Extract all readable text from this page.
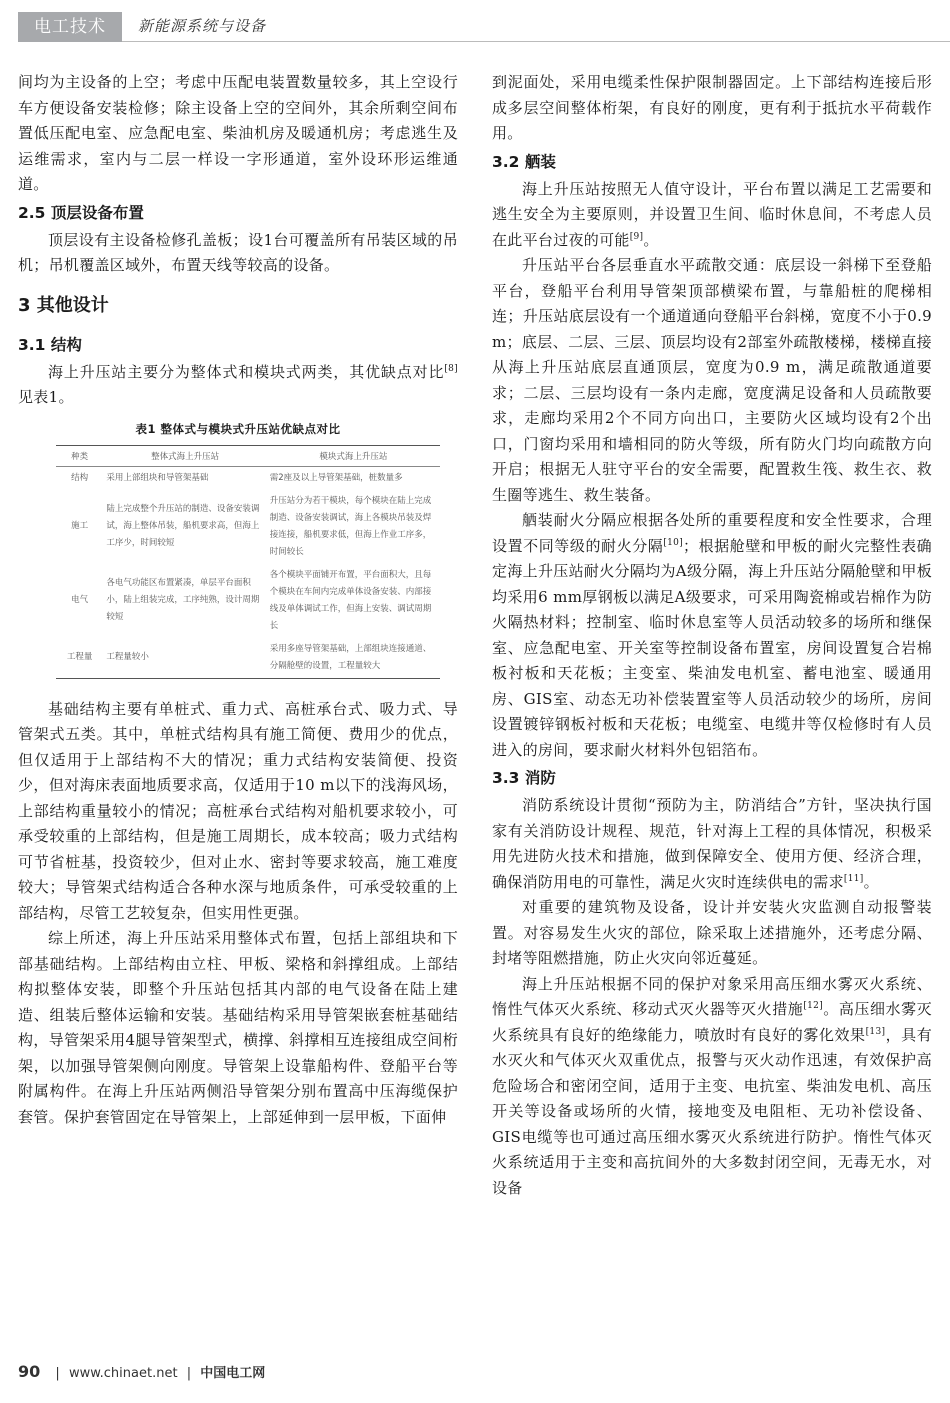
电工技术	新能源系统与设备

间均为主设备的上空；考虑中压配电装置数量较多，其上空设行车方便设备安装检修；除主设备上空的空间外，其余所剩空间布置低压配电室、应急配电室、柴油机房及暖通机房；考虑逃生及运维需求，室内与二层一样设一字形通道，室外设环形运维通道。

2.5 顶层设备布置

顶层设有主设备检修孔盖板；设1台可覆盖所有吊装区域的吊机；吊机覆盖区域外，布置天线等较高的设备。

3 其他设计
3.1 结构

海上升压站主要分为整体式和模块式两类，其优缺点对比[8]见表1。

表1 整体式与模块式升压站优缺点对比
种类	整体式海上升压站	模块式海上升压站
结构	采用上部组块和导管架基础	需2座及以上导管架基础，桩数量多
施工	陆上完成整个升压站的制造、设备安装调试，海上整体吊装，船机要求高，但海上工序少，时间较短	升压站分为若干模块，每个模块在陆上完成制造、设备安装调试，海上各模块吊装及焊接连接，船机要求低，但海上作业工序多，时间较长
电气	各电气功能区布置紧凑，单层平台面积小，陆上组装完成，工序纯熟，设计周期较短	各个模块平面铺开布置，平台面积大，且每个模块在车间内完成单体设备安装、内部接线及单体调试工作，但海上安装、调试周期长
工程量	工程量较小	采用多座导管架基础，上部组块连接通道、分隔舱壁的设置，工程量较大

基础结构主要有单桩式、重力式、高桩承台式、吸力式、导管架式五类。其中，单桩式结构具有施工简便、费用少的优点，但仅适用于上部结构不大的情况；重力式结构安装简便、投资少，但对海床表面地质要求高，仅适用于10 m以下的浅海风场，上部结构重量较小的情况；高桩承台式结构对船机要求较小，可承受较重的上部结构，但是施工周期长，成本较高；吸力式结构可节省桩基，投资较少，但对止水、密封等要求较高，施工难度较大；导管架式结构适合各种水深与地质条件，可承受较重的上部结构，尽管工艺较复杂，但实用性更强。

综上所述，海上升压站采用整体式布置，包括上部组块和下部基础结构。上部结构由立柱、甲板、梁格和斜撑组成。上部结构拟整体安装，即整个升压站包括其内部的电气设备在陆上建造、组装后整体运输和安装。基础结构采用导管架嵌套桩基础结构，导管架采用4腿导管架型式，横撑、斜撑相互连接组成空间桁架，以加强导管架侧向刚度。导管架上设靠船构件、登船平台等附属构件。在海上升压站两侧沿导管架分别布置高中压海缆保护套管。保护套管固定在导管架上，上部延伸到一层甲板，下面伸

到泥面处，采用电缆柔性保护限制器固定。上下部结构连接后形成多层空间整体桁架，有良好的刚度，更有利于抵抗水平荷载作用。

3.2 舾装

海上升压站按照无人值守设计，平台布置以满足工艺需要和逃生安全为主要原则，并设置卫生间、临时休息间，不考虑人员在此平台过夜的可能[9]。

升压站平台各层垂直水平疏散交通：底层设一斜梯下至登船平台，登船平台利用导管架顶部横梁布置，与靠船桩的爬梯相连；升压站底层设有一个通道通向登船平台斜梯，宽度不小于0.9 m；底层、二层、三层、顶层均设有2部室外疏散楼梯，楼梯直接从海上升压站底层直通顶层，宽度为0.9 m，满足疏散通道要求；二层、三层均设有一条内走廊，宽度满足设备和人员疏散要求，走廊均采用2个不同方向出口，主要防火区域均设有2个出口，门窗均采用和墙相同的防火等级，所有防火门均向疏散方向开启；根据无人驻守平台的安全需要，配置救生筏、救生衣、救生圈等逃生、救生装备。

舾装耐火分隔应根据各处所的重要程度和安全性要求，合理设置不同等级的耐火分隔[10]；根据舱壁和甲板的耐火完整性表确定海上升压站耐火分隔均为A级分隔，海上升压站分隔舱壁和甲板均采用6 mm厚钢板以满足A级要求，可采用陶瓷棉或岩棉作为防火隔热材料；控制室、临时休息室等人员活动较多的场所和继保室、应急配电室、开关室等控制设备布置室，房间设置复合岩棉板衬板和天花板；主变室、柴油发电机室、蓄电池室、暖通用房、GIS室、动态无功补偿装置室等人员活动较少的场所，房间设置镀锌钢板衬板和天花板；电缆室、电缆井等仅检修时有人员进入的房间，要求耐火材料外包铝箔布。

3.3 消防

消防系统设计贯彻“预防为主，防消结合”方针，坚决执行国家有关消防设计规程、规范，针对海上工程的具体情况，积极采用先进防火技术和措施，做到保障安全、使用方便、经济合理，确保消防用电的可靠性，满足火灾时连续供电的需求[11]。

对重要的建筑物及设备，设计并安装火灾监测自动报警装置。对容易发生火灾的部位，除采取上述措施外，还考虑分隔、封堵等阻燃措施，防止火灾向邻近蔓延。

海上升压站根据不同的保护对象采用高压细水雾灭火系统、惰性气体灭火系统、移动式灭火器等灭火措施[12]。高压细水雾灭火系统具有良好的绝缘能力，喷放时有良好的雾化效果[13]，具有水灭火和气体灭火双重优点，报警与灭火动作迅速，有效保护高危险场合和密闭空间，适用于主变、电抗室、柴油发电机、高压开关等设备或场所的火情，接地变及电阻柜、无功补偿设备、GIS电缆等也可通过高压细水雾灭火系统进行防护。惰性气体灭火系统适用于主变和高抗间外的大多数封闭空间，无毒无水，对设备

90 | www.chinaet.net | 中国电工网
